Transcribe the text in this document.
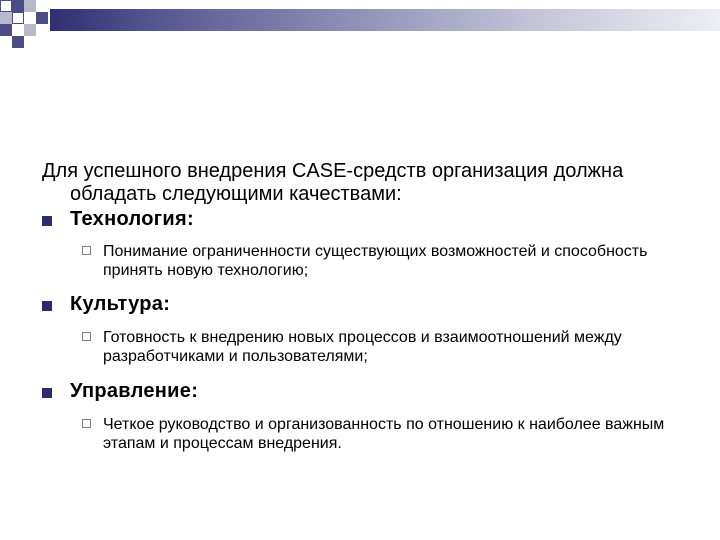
Для успешного внедрения CASE-средств организация должна обладать следующими качествами:

Технология:

Понимание ограниченности существующих возможностей и способность принять новую технологию;

Культура:

Готовность к внедрению новых процессов и взаимоотношений между разработчиками и пользователями;

Управление:

Четкое руководство и организованность по отношению к наиболее важным этапам и процессам внедрения.
